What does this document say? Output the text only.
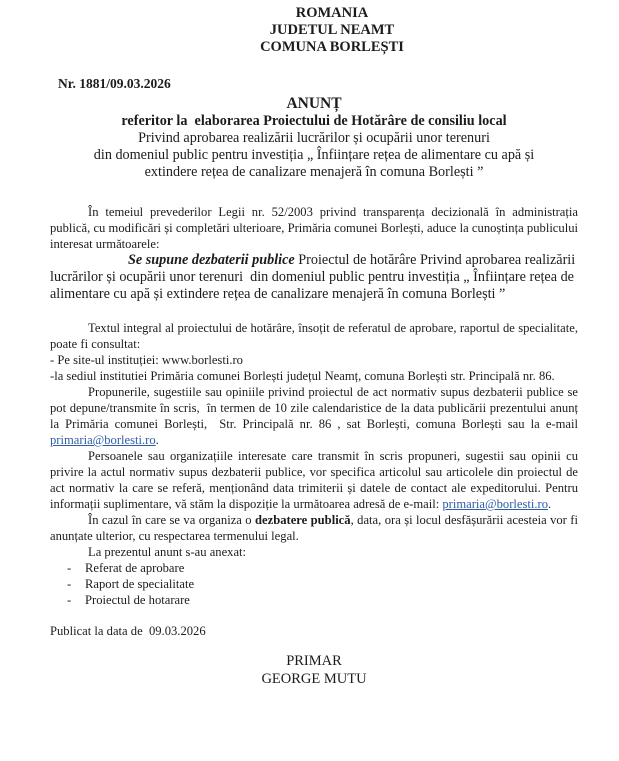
ROMANIA
JUDETUL NEAMT
COMUNA BORLEȘTI
Nr. 1881/09.03.2026
ANUNȚ
referitor la  elaborarea Proiectului de Hotărâre de consiliu local
Privind aprobarea realizării lucrărilor și ocupării unor terenuri
din domeniul public pentru investiția „ Înființare rețea de alimentare cu apă și
extindere rețea de canalizare menajeră în comuna Borlești ”

În temeiul prevederilor Legii nr. 52/2003 privind transparența decizională în administrația publică, cu modificări și completări ulterioare, Primăria comunei Borlești, aduce la cunoștința publicului interesat următoarele:

Se supune dezbaterii publice Proiectul de hotărâre Privind aprobarea realizării lucrărilor și ocupării unor terenuri  din domeniul public pentru investiția „ Înființare rețea de alimentare cu apă și extindere rețea de canalizare menajeră în comuna Borlești ”

Textul integral al proiectului de hotărâre, însoțit de referatul de aprobare, raportul de specialitate, poate fi consultat:

- Pe site-ul instituției: www.borlesti.ro

-la sediul institutiei Primăria comunei Borlești județul Neamț, comuna Borlești str. Principală nr. 86.

Propunerile, sugestiile sau opiniile privind proiectul de act normativ supus dezbaterii publice se pot depune/transmite în scris,  în termen de 10 zile calendaristice de la data publicării prezentului anunț la Primăria comunei Borlești,  Str. Principală nr. 86 , sat Borlești, comuna Borlești sau la e-mail primaria@borlesti.ro.

Persoanele sau organizațiile interesate care transmit în scris propuneri, sugestii sau opinii cu privire la actul normativ supus dezbaterii publice, vor specifica articolul sau articolele din proiectul de act normativ la care se referă, menționând data trimiterii și datele de contact ale expeditorului. Pentru informații suplimentare, vă stăm la dispoziție la următoarea adresă de e-mail: primaria@borlesti.ro.

În cazul în care se va organiza o dezbatere publică, data, ora și locul desfășurării acesteia vor fi anunțate ulterior, cu respectarea termenului legal.

La prezentul anunt s-au anexat:

-	Referat de aprobare
-	Raport de specialitate
-	Proiectul de hotarare

Publicat la data de  09.03.2026

PRIMAR
GEORGE MUTU
